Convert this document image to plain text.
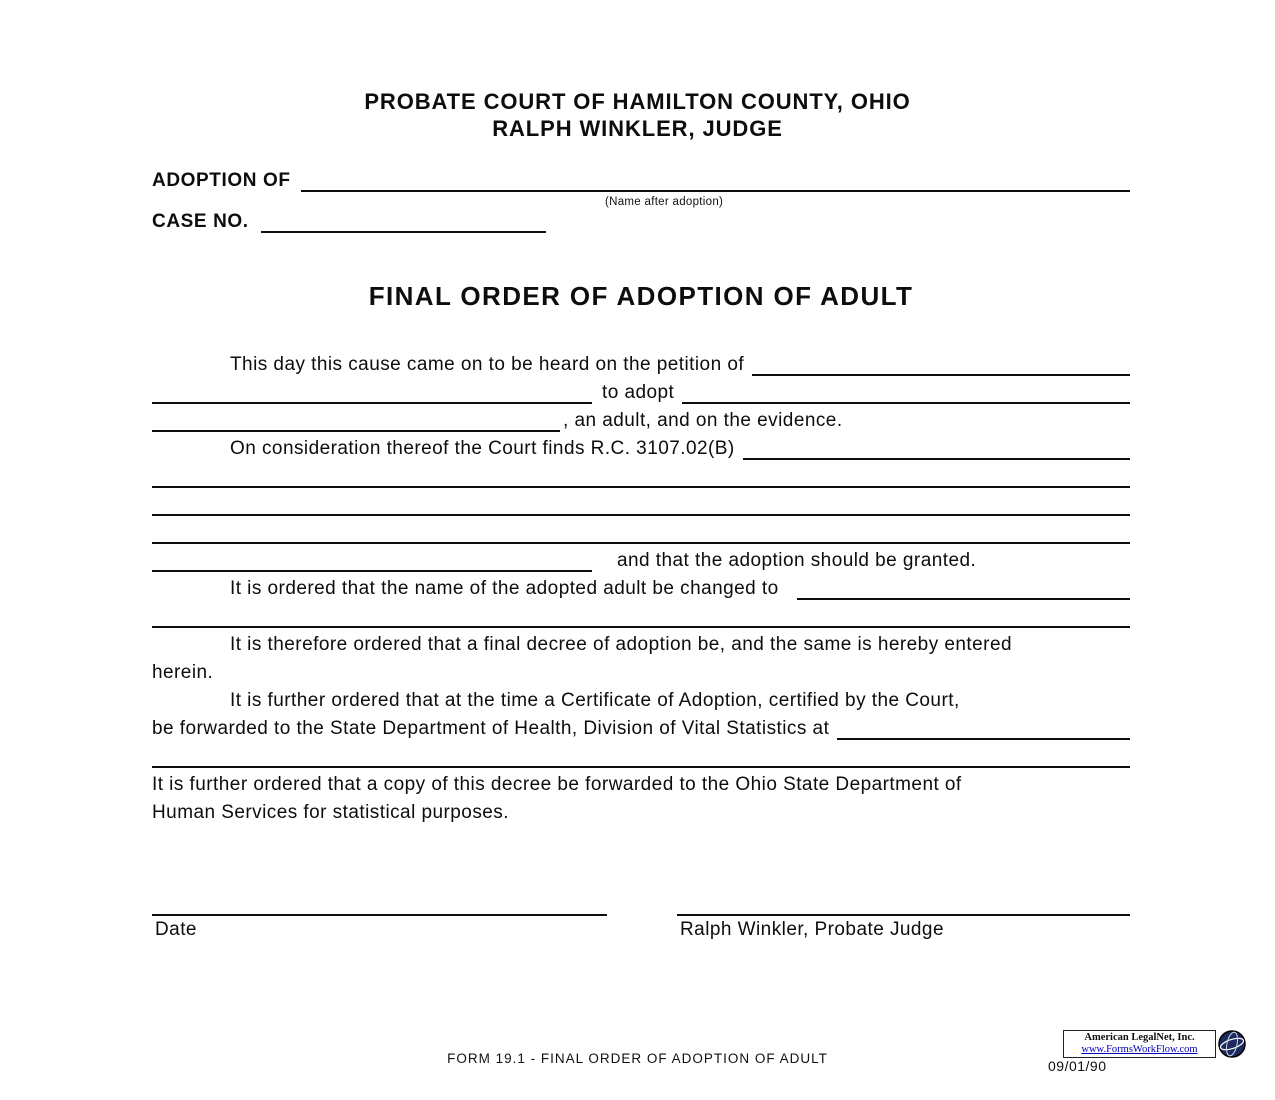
PROBATE COURT OF HAMILTON COUNTY, OHIO
RALPH WINKLER, JUDGE
ADOPTION OF
(Name after adoption)
CASE NO.
FINAL ORDER OF ADOPTION OF ADULT
This day this cause came on to be heard on the petition of
to adopt
, an adult, and on the evidence.
On consideration thereof the Court finds R.C. 3107.02(B)
and that the adoption should be granted.
It is ordered that the name of the adopted adult be changed to
It is therefore ordered that a final decree of adoption be, and the same is hereby entered
herein.
It is further ordered that at the time a Certificate of Adoption, certified by the Court,
be forwarded to the State Department of Health, Division of Vital Statistics at
It is further ordered that a copy of this decree be forwarded to the Ohio State Department of
Human Services for statistical purposes.
Date	Ralph Winkler, Probate Judge
FORM 19.1 - FINAL ORDER OF ADOPTION OF ADULT	09/01/90
American LegalNet, Inc.
www.FormsWorkFlow.com
